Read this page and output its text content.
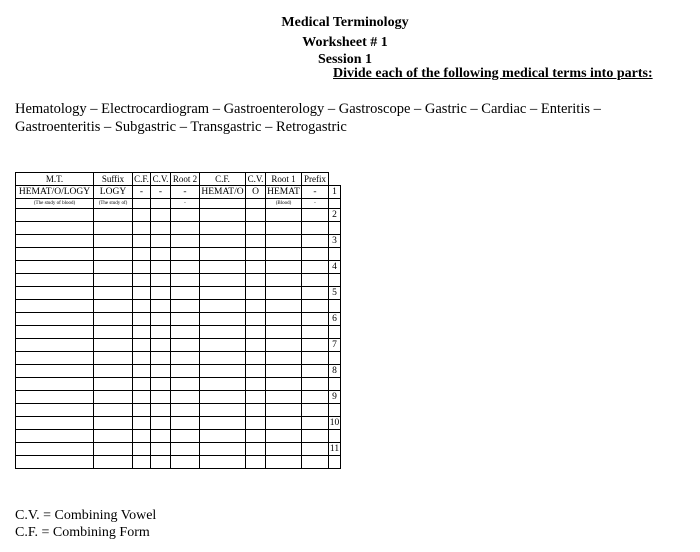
Medical Terminology
Worksheet # 1
Session 1
Divide each of the following medical terms into parts:
Hematology – Electrocardiogram – Gastroenterology – Gastroscope – Gastric – Cardiac – Enteritis –
Gastroenteritis – Subgastric – Transgastric – Retrogastric
M.T.	Suffix	C.F.	C.V.	Root 2	C.F.	C.V.	Root 1	Prefix	
HEMAT/O/LOGY	LOGY	-	-	-	HEMAT/O	O	HEMAT	-	1
(The study of blood)	(The study of)			-			(Blood)	-	
									2

									3

									4

									5

									6

									7

									8

									9

									10

									11

C.V. = Combining Vowel
C.F. = Combining Form
